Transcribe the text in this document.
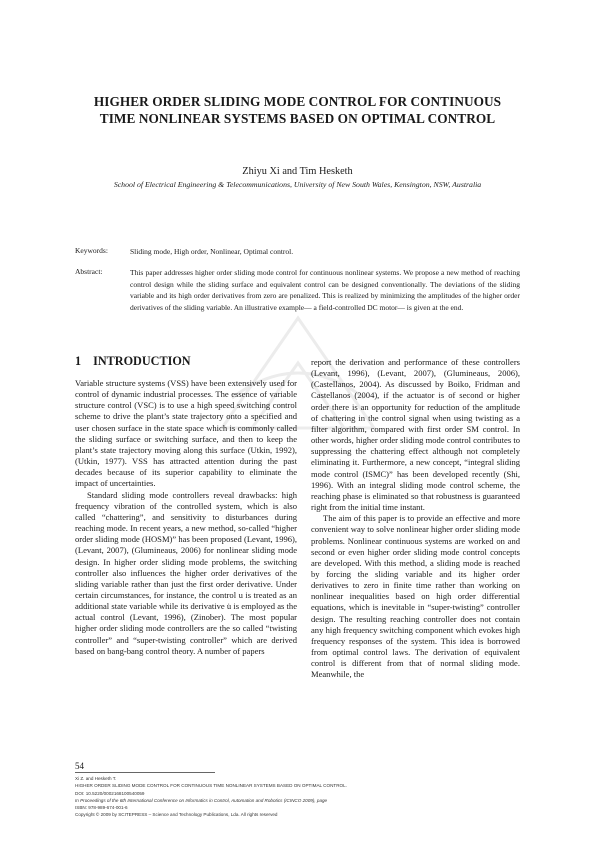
HIGHER ORDER SLIDING MODE CONTROL FOR CONTINUOUS
TIME NONLINEAR SYSTEMS BASED ON OPTIMAL CONTROL
Zhiyu Xi and Tim Hesketh
School of Electrical Engineering & Telecommunications, University of New South Wales, Kensington, NSW, Australia
Keywords:	Sliding mode, High order, Nonlinear, Optimal control.
Abstract:	This paper addresses higher order sliding mode control for continuous nonlinear systems. We propose a new method of reaching control design while the sliding surface and equivalent control can be designed conventionally. The deviations of the sliding variable and its high order derivatives from zero are penalized. This is realized by minimizing the amplitudes of the higher order derivatives of the sliding variable. An illustrative example— a field-controlled DC motor— is given at the end.
1 INTRODUCTION

Variable structure systems (VSS) have been extensively used for control of dynamic industrial processes. The essence of variable structure control (VSC) is to use a high speed switching control scheme to drive the plant’s state trajectory onto a specified and user chosen surface in the state space which is commonly called the sliding surface or switching surface, and then to keep the plant’s state trajectory moving along this surface (Utkin, 1992), (Utkin, 1977). VSS has attracted attention during the past decades because of its superior capability to eliminate the impact of uncertainties.

Standard sliding mode controllers reveal drawbacks: high frequency vibration of the controlled system, which is also called “chattering”, and sensitivity to disturbances during reaching mode. In recent years, a new method, so-called “higher order sliding mode (HOSM)” has been proposed (Levant, 1996), (Levant, 2007), (Glumineaus, 2006) for nonlinear sliding mode design. In higher order sliding mode problems, the switching controller also influences the higher order derivatives of the sliding variable rather than just the first order derivative. Under certain circumstances, for instance, the control u is treated as an additional state variable while its derivative u̇ is employed as the actual control (Levant, 1996), (Zinober). The most popular higher order sliding mode controllers are the so called “twisting controller” and “super-twisting controller” which are derived based on bang-bang control theory. A number of papers

report the derivation and performance of these controllers (Levant, 1996), (Levant, 2007), (Glumineaus, 2006), (Castellanos, 2004). As discussed by Boiko, Fridman and Castellanos (2004), if the actuator is of second or higher order there is an opportunity for reduction of the amplitude of chattering in the control signal when using twisting as a filter algorithm, compared with first order SM control. In other words, higher order sliding mode control contributes to suppressing the chattering effect although not completely eliminating it. Furthermore, a new concept, “integral sliding mode control (ISMC)” has been developed recently (Shi, 1996). With an integral sliding mode control scheme, the reaching phase is eliminated so that robustness is guaranteed right from the initial time instant.

The aim of this paper is to provide an effective and more convenient way to solve nonlinear higher order sliding mode problems. Nonlinear continuous systems are worked on and second or even higher order sliding mode control concepts are developed. With this method, a sliding mode is reached by forcing the sliding variable and its higher order derivatives to zero in finite time rather than working on nonlinear inequalities based on high order differential equations, which is inevitable in “super-twisting” controller design. The resulting reaching controller does not contain any high frequency switching component which evokes high frequency responses of the system. This idea is borrowed from optimal control laws. The derivation of equivalent control is different from that of normal sliding mode. Meanwhile, the

54
Xi Z. and Hesketh T.
HIGHER ORDER SLIDING MODE CONTROL FOR CONTINUOUS TIME NONLINEAR SYSTEMS BASED ON OPTIMAL CONTROL.
DOI: 10.5220/0002168100540059
In Proceedings of the 6th International Conference on Informatics in Control, Automation and Robotics (ICINCO 2009), page
ISBN: 978-989-674-001-6
Copyright © 2009 by SCITEPRESS – Science and Technology Publications, Lda. All rights reserved
